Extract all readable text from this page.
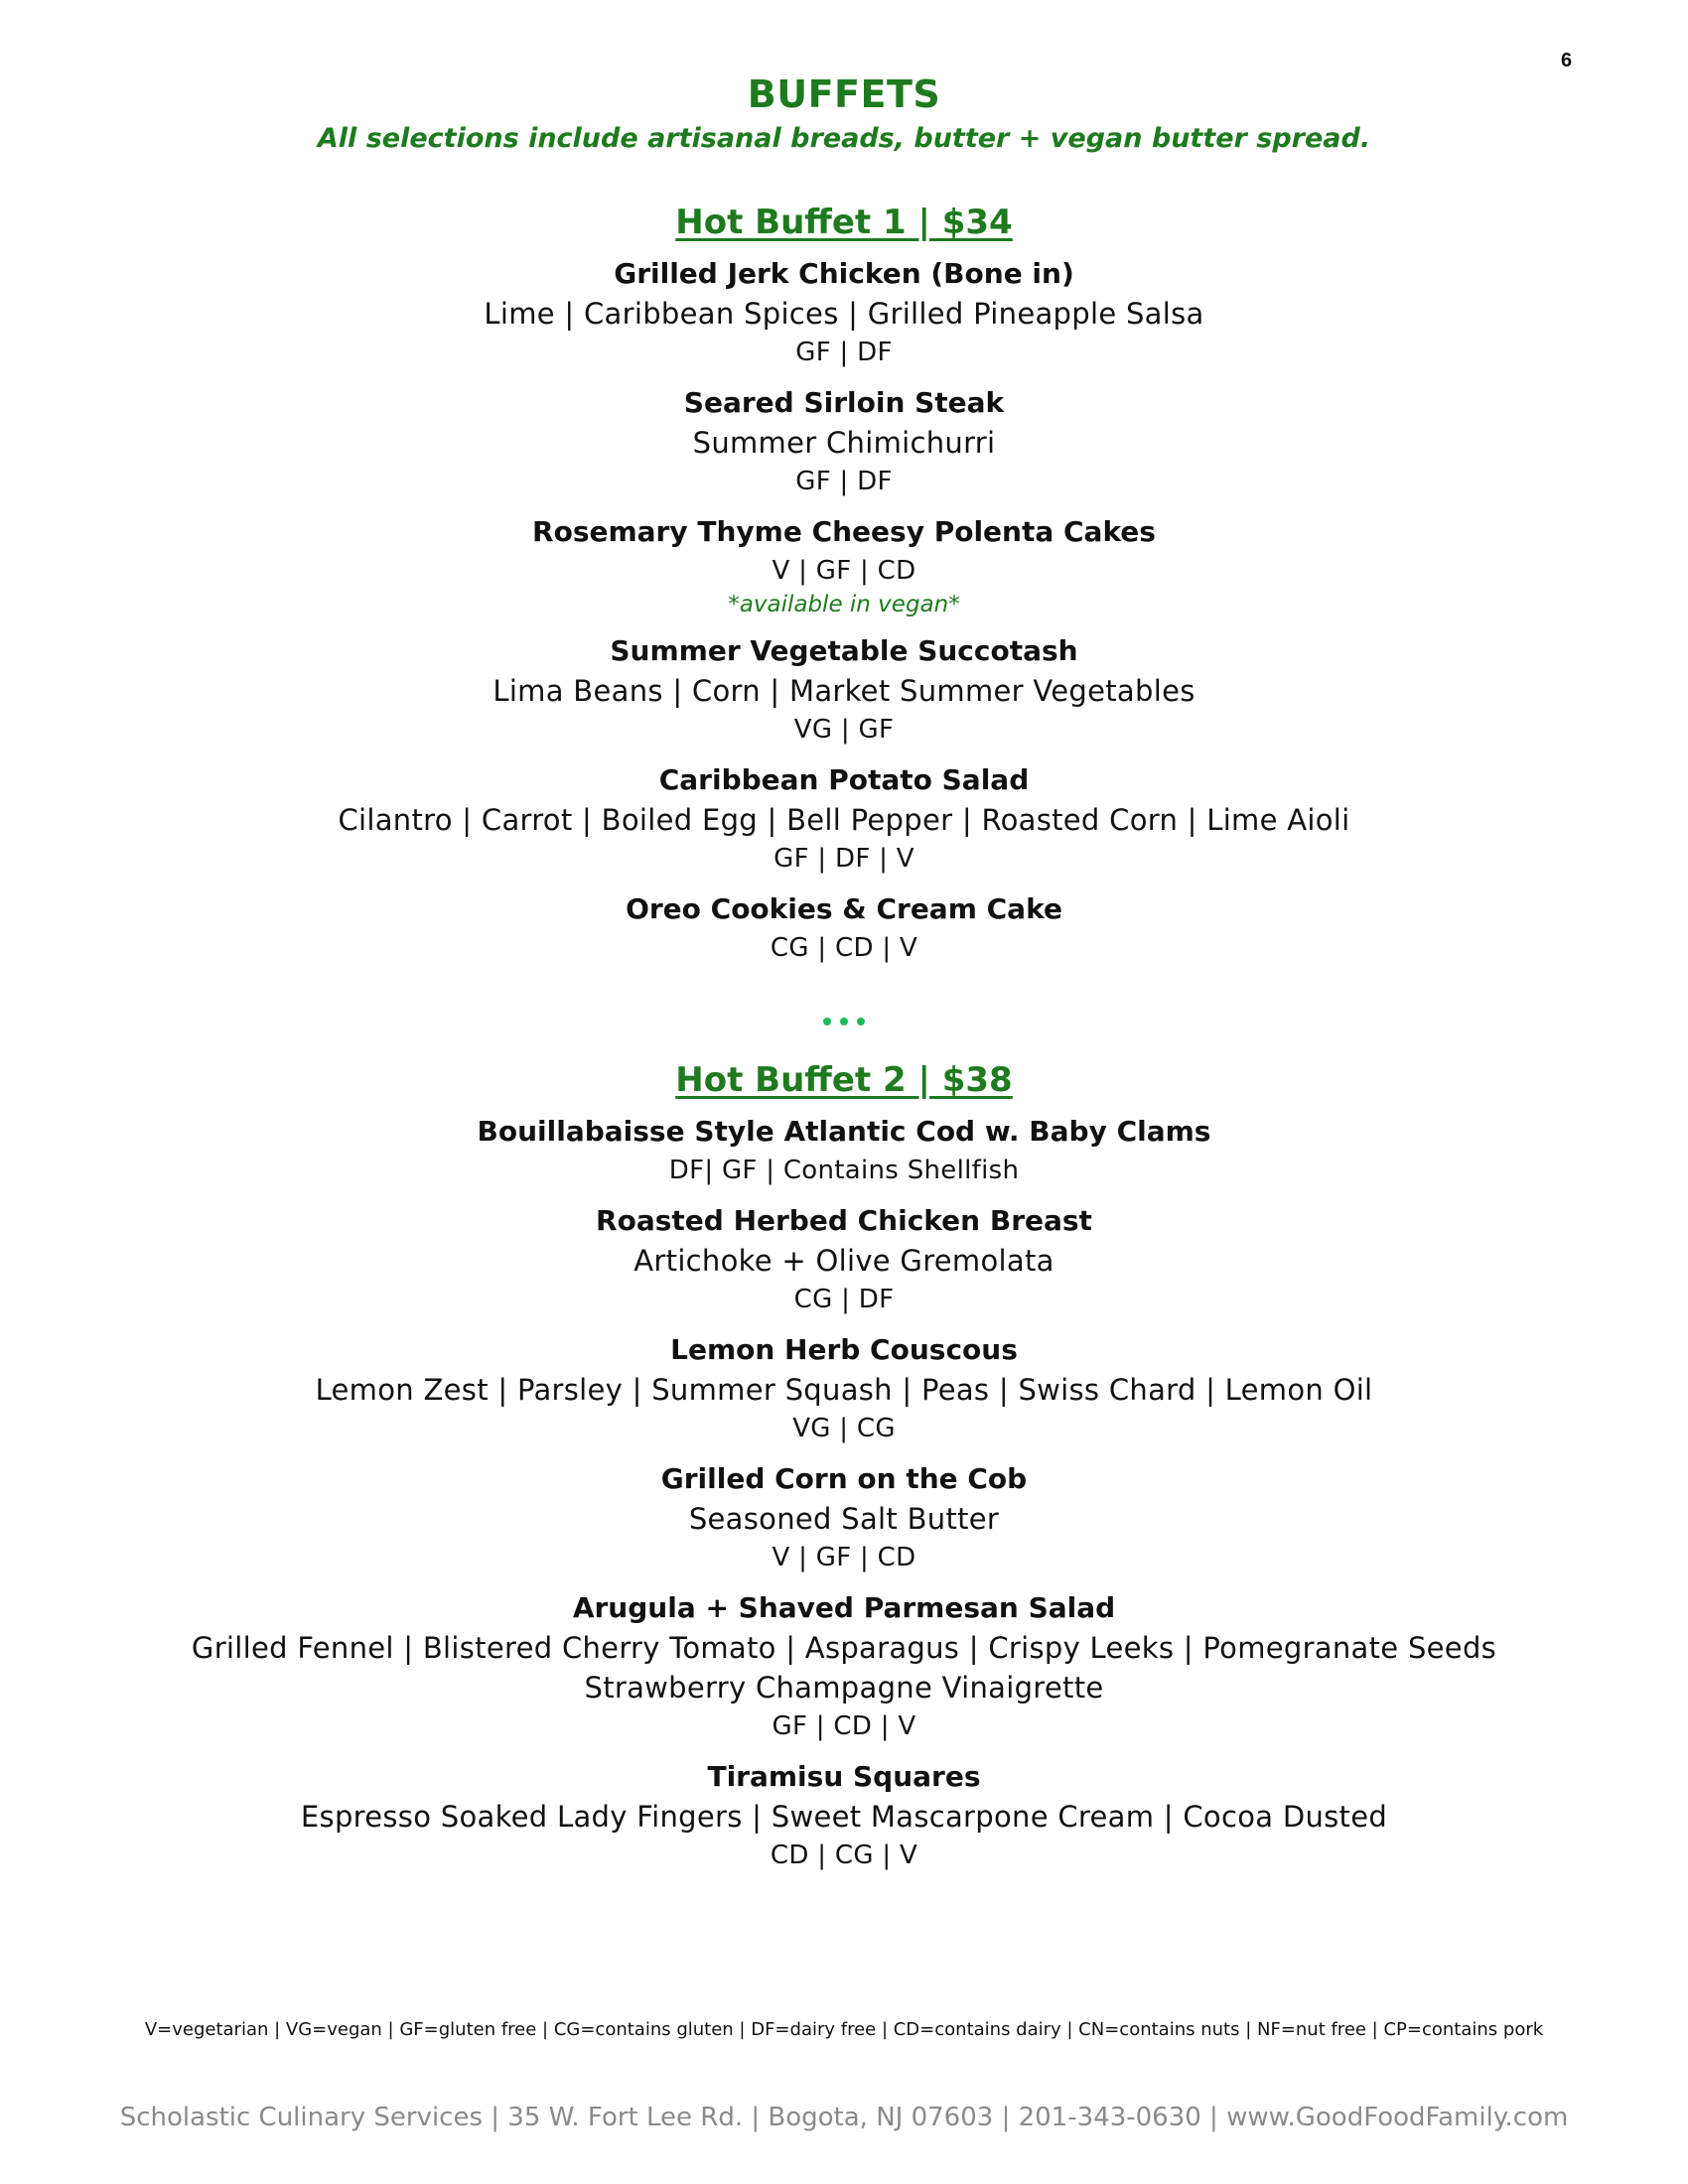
6
BUFFETS
All selections include artisanal breads, butter + vegan butter spread.
Hot Buffet 1 | $34
Grilled Jerk Chicken (Bone in)
Lime | Caribbean Spices | Grilled Pineapple Salsa
GF | DF
Seared Sirloin Steak
Summer Chimichurri
GF | DF
Rosemary Thyme Cheesy Polenta Cakes
V | GF | CD
*available in vegan*
Summer Vegetable Succotash
Lima Beans | Corn | Market Summer Vegetables
VG | GF
Caribbean Potato Salad
Cilantro | Carrot | Boiled Egg | Bell Pepper | Roasted Corn | Lime Aioli
GF | DF | V
Oreo Cookies & Cream Cake
CG | CD | V

Hot Buffet 2 | $38
Bouillabaisse Style Atlantic Cod w. Baby Clams
DF| GF | Contains Shellfish
Roasted Herbed Chicken Breast
Artichoke + Olive Gremolata
CG | DF
Lemon Herb Couscous
Lemon Zest | Parsley | Summer Squash | Peas | Swiss Chard | Lemon Oil
VG | CG
Grilled Corn on the Cob
Seasoned Salt Butter
V | GF | CD
Arugula + Shaved Parmesan Salad
Grilled Fennel | Blistered Cherry Tomato | Asparagus | Crispy Leeks | Pomegranate Seeds
Strawberry Champagne Vinaigrette
GF | CD | V
Tiramisu Squares
Espresso Soaked Lady Fingers | Sweet Mascarpone Cream | Cocoa Dusted
CD | CG | V
V=vegetarian | VG=vegan | GF=gluten free | CG=contains gluten | DF=dairy free | CD=contains dairy | CN=contains nuts | NF=nut free | CP=contains pork
Scholastic Culinary Services | 35 W. Fort Lee Rd. | Bogota, NJ 07603 | 201-343-0630 | www.GoodFoodFamily.com
